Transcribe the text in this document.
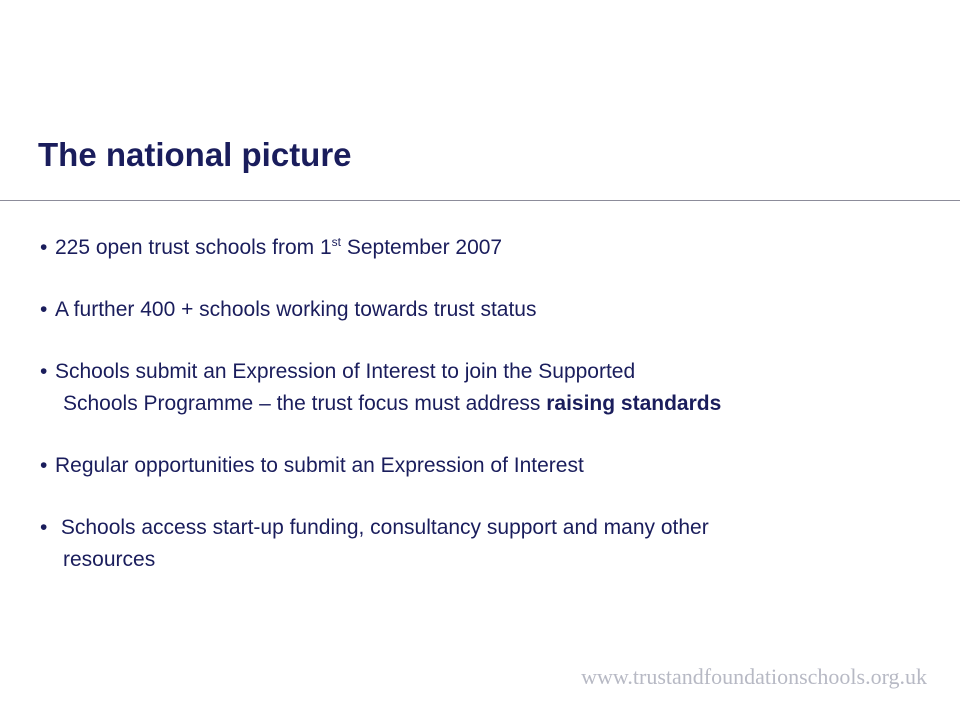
The national picture
• 225 open trust schools from 1st September 2007
• A further 400 + schools working towards trust status
• Schools submit an Expression of Interest to join the Supported
Schools Programme – the trust focus must address raising standards
• Regular opportunities to submit an Expression of Interest
• Schools access start-up funding, consultancy support and many other
resources
www.trustandfoundationschools.org.uk
